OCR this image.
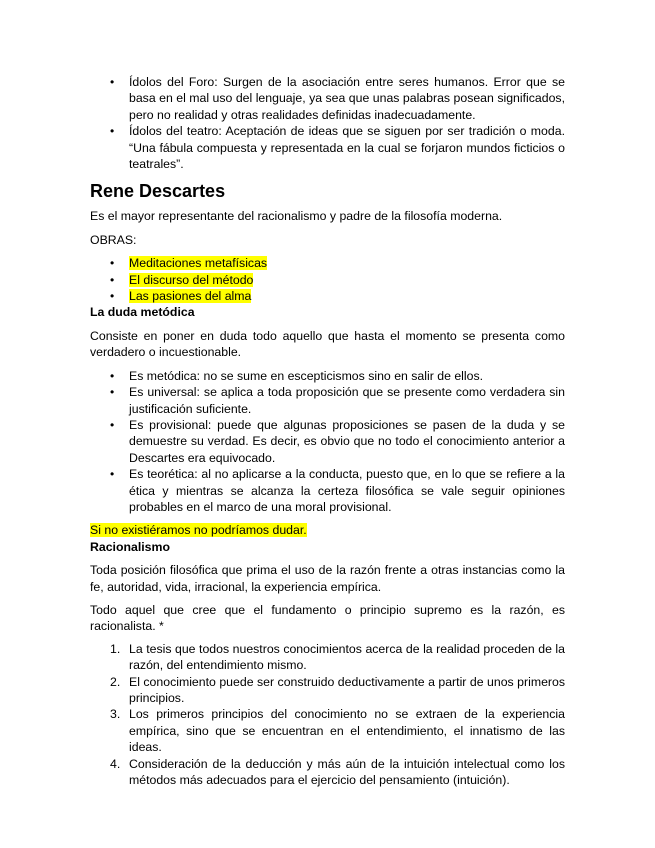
• Ídolos del Foro: Surgen de la asociación entre seres humanos. Error que se basa en el mal uso del lenguaje, ya sea que unas palabras posean significados, pero no realidad y otras realidades definidas inadecuadamente.
• Ídolos del teatro: Aceptación de ideas que se siguen por ser tradición o moda. “Una fábula compuesta y representada en la cual se forjaron mundos ficticios o teatrales”.
Rene Descartes
Es el mayor representante del racionalismo y padre de la filosofía moderna.
OBRAS:
• Meditaciones metafísicas
• El discurso del método
• Las pasiones del alma
La duda metódica
Consiste en poner en duda todo aquello que hasta el momento se presenta como verdadero o incuestionable.
• Es metódica: no se sume en escepticismos sino en salir de ellos.
• Es universal: se aplica a toda proposición que se presente como verdadera sin justificación suficiente.
• Es provisional: puede que algunas proposiciones se pasen de la duda y se demuestre su verdad. Es decir, es obvio que no todo el conocimiento anterior a Descartes era equivocado.
• Es teorética: al no aplicarse a la conducta, puesto que, en lo que se refiere a la ética y mientras se alcanza la certeza filosófica se vale seguir opiniones probables en el marco de una moral provisional.
Si no existiéramos no podríamos dudar.
Racionalismo
Toda posición filosófica que prima el uso de la razón frente a otras instancias como la fe, autoridad, vida, irracional, la experiencia empírica.
Todo aquel que cree que el fundamento o principio supremo es la razón, es racionalista. *
1. La tesis que todos nuestros conocimientos acerca de la realidad proceden de la razón, del entendimiento mismo.
2. El conocimiento puede ser construido deductivamente a partir de unos primeros principios.
3. Los primeros principios del conocimiento no se extraen de la experiencia empírica, sino que se encuentran en el entendimiento, el innatismo de las ideas.
4. Consideración de la deducción y más aún de la intuición intelectual como los métodos más adecuados para el ejercicio del pensamiento (intuición).
